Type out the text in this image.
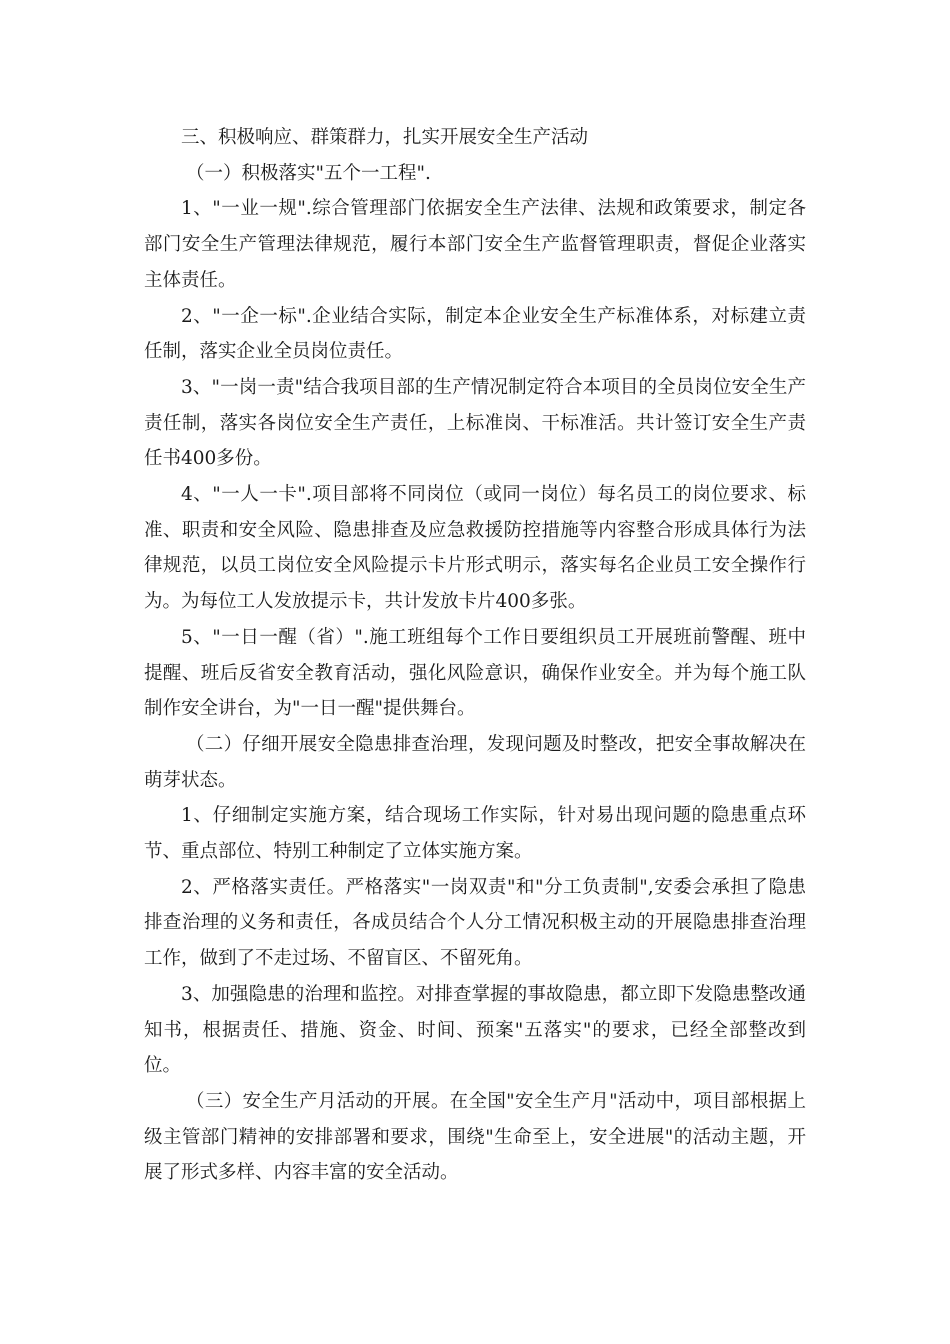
三、积极响应、群策群力，扎实开展安全生产活动

（一）积极落实"五个一工程".

1、"一业一规".综合管理部门依据安全生产法律、法规和政策要求，制定各部门安全生产管理法律规范，履行本部门安全生产监督管理职责，督促企业落实主体责任。

2、"一企一标".企业结合实际，制定本企业安全生产标准体系，对标建立责任制，落实企业全员岗位责任。

3、"一岗一责"结合我项目部的生产情况制定符合本项目的全员岗位安全生产责任制，落实各岗位安全生产责任，上标准岗、干标准活。共计签订安全生产责任书400多份。

4、"一人一卡".项目部将不同岗位（或同一岗位）每名员工的岗位要求、标准、职责和安全风险、隐患排查及应急救援防控措施等内容整合形成具体行为法律规范，以员工岗位安全风险提示卡片形式明示，落实每名企业员工安全操作行为。为每位工人发放提示卡，共计发放卡片400多张。

5、"一日一醒（省）".施工班组每个工作日要组织员工开展班前警醒、班中提醒、班后反省安全教育活动，强化风险意识，确保作业安全。并为每个施工队制作安全讲台，为"一日一醒"提供舞台。

（二）仔细开展安全隐患排查治理，发现问题及时整改，把安全事故解决在萌芽状态。

1、仔细制定实施方案，结合现场工作实际，针对易出现问题的隐患重点环节、重点部位、特别工种制定了立体实施方案。

2、严格落实责任。严格落实"一岗双责"和"分工负责制",安委会承担了隐患排查治理的义务和责任，各成员结合个人分工情况积极主动的开展隐患排查治理工作，做到了不走过场、不留盲区、不留死角。

3、加强隐患的治理和监控。对排查掌握的事故隐患，都立即下发隐患整改通知书，根据责任、措施、资金、时间、预案"五落实"的要求，已经全部整改到位。

（三）安全生产月活动的开展。在全国"安全生产月"活动中，项目部根据上级主管部门精神的安排部署和要求，围绕"生命至上，安全进展"的活动主题，开展了形式多样、内容丰富的安全活动。
